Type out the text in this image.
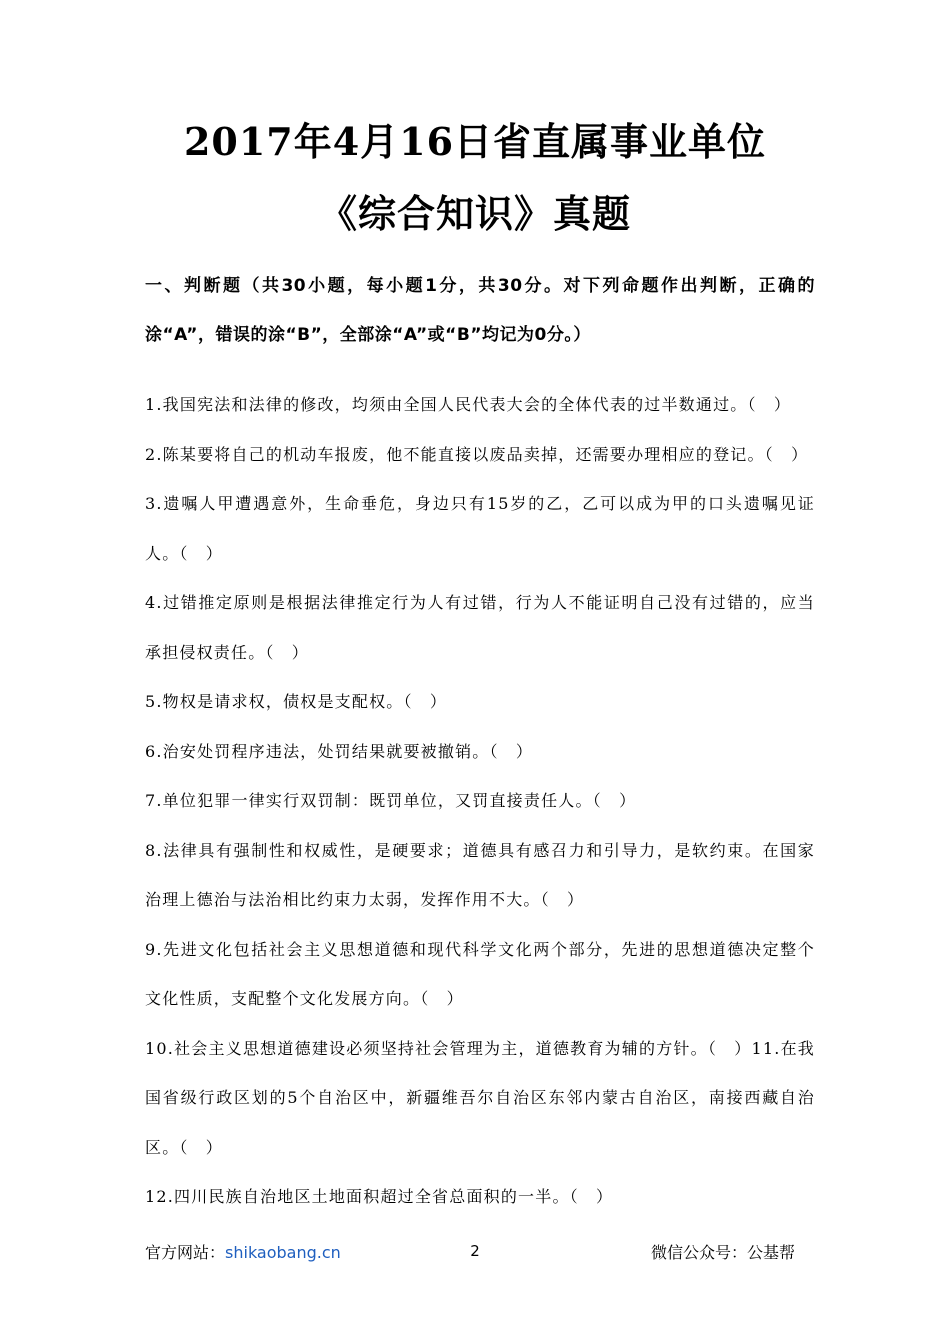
2017年4月16日省直属事业单位
《综合知识》真题
一、判断题（共30小题，每小题1分，共30分。对下列命题作出判断，正确的涂“A”，错误的涂“B”，全部涂“A”或“B”均记为0分。）

1.我国宪法和法律的修改，均须由全国人民代表大会的全体代表的过半数通过。（　）

2.陈某要将自己的机动车报废，他不能直接以废品卖掉，还需要办理相应的登记。（　）

3.遗嘱人甲遭遇意外，生命垂危，身边只有15岁的乙，乙可以成为甲的口头遗嘱见证人。（　）

4.过错推定原则是根据法律推定行为人有过错，行为人不能证明自己没有过错的，应当承担侵权责任。（　）

5.物权是请求权，债权是支配权。（　）

6.治安处罚程序违法，处罚结果就要被撤销。（　）

7.单位犯罪一律实行双罚制：既罚单位，又罚直接责任人。（　）

8.法律具有强制性和权威性，是硬要求；道德具有感召力和引导力，是软约束。在国家治理上德治与法治相比约束力太弱，发挥作用不大。（　）

9.先进文化包括社会主义思想道德和现代科学文化两个部分，先进的思想道德决定整个文化性质，支配整个文化发展方向。（　）

10.社会主义思想道德建设必须坚持社会管理为主，道德教育为辅的方针。（　）11.在我国省级行政区划的5个自治区中，新疆维吾尔自治区东邻内蒙古自治区，南接西藏自治区。（　）

12.四川民族自治地区土地面积超过全省总面积的一半。（　）

官方网站：shikaobang.cn	2	微信公众号：公基帮
